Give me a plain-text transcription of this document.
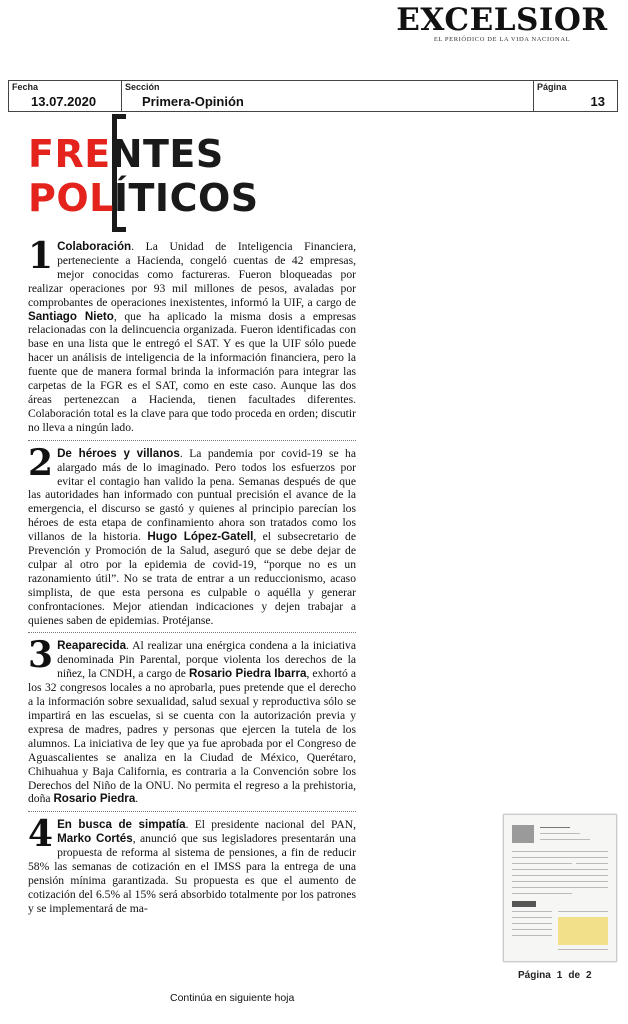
EXCELSIOR
EL PERIÓDICO DE LA VIDA NACIONAL
Fecha
13.07.2020
Sección
Primera-Opinión
Página
13
FRENTES
POLÍTICOS
1 Colaboración. La Unidad de Inteligencia Financiera, perteneciente a Hacienda, congeló cuentas de 42 empresas, mejor conocidas como factureras. Fueron bloqueadas por realizar operaciones por 93 mil millones de pesos, avaladas por comprobantes de operaciones inexistentes, informó la UIF, a cargo de Santiago Nieto, que ha aplicado la misma dosis a empresas relacionadas con la delincuencia organizada. Fueron identificadas con base en una lista que le entregó el SAT. Y es que la UIF sólo puede hacer un análisis de inteligencia de la información financiera, pero la fuente que de manera formal brinda la información para integrar las carpetas de la FGR es el SAT, como en este caso. Aunque las dos áreas pertenezcan a Hacienda, tienen facultades diferentes. Colaboración total es la clave para que todo proceda en orden; discutir no lleva a ningún lado.
2 De héroes y villanos. La pandemia por covid-19 se ha alargado más de lo imaginado. Pero todos los esfuerzos por evitar el contagio han valido la pena. Semanas después de que las autoridades han informado con puntual precisión el avance de la emergencia, el discurso se gastó y quienes al principio parecían los héroes de esta etapa de confinamiento ahora son tratados como los villanos de la historia. Hugo López-Gatell, el subsecretario de Prevención y Promoción de la Salud, aseguró que se debe dejar de culpar al otro por la epidemia de covid-19, “porque no es un razonamiento útil”. No se trata de entrar a un reduccionismo, acaso simplista, de que esta persona es culpable o aquélla y generar confrontaciones. Mejor atiendan indicaciones y dejen trabajar a quienes saben de epidemias. Protéjanse.
3 Reaparecida. Al realizar una enérgica condena a la iniciativa denominada Pin Parental, porque violenta los derechos de la niñez, la CNDH, a cargo de Rosario Piedra Ibarra, exhortó a los 32 congresos locales a no aprobarla, pues pretende que el derecho a la información sobre sexualidad, salud sexual y reproductiva sólo se impartirá en las escuelas, si se cuenta con la autorización previa y expresa de madres, padres y personas que ejercen la tutela de los alumnos. La iniciativa de ley que ya fue aprobada por el Congreso de Aguascalientes se analiza en la Ciudad de México, Querétaro, Chihuahua y Baja California, es contraria a la Convención sobre los Derechos del Niño de la ONU. No permita el regreso a la prehistoria, doña Rosario Piedra.
4 En busca de simpatía. El presidente nacional del PAN, Marko Cortés, anunció que sus legisladores presentarán una propuesta de reforma al sistema de pensiones, a fin de reducir 58% las semanas de cotización en el IMSS para la entrega de una pensión mínima garantizada. Su propuesta es que el aumento de cotización del 6.5% al 15% será absorbido totalmente por los patrones y se implementará de ma-
Continúa en siguiente hoja
Página 1 de 2
